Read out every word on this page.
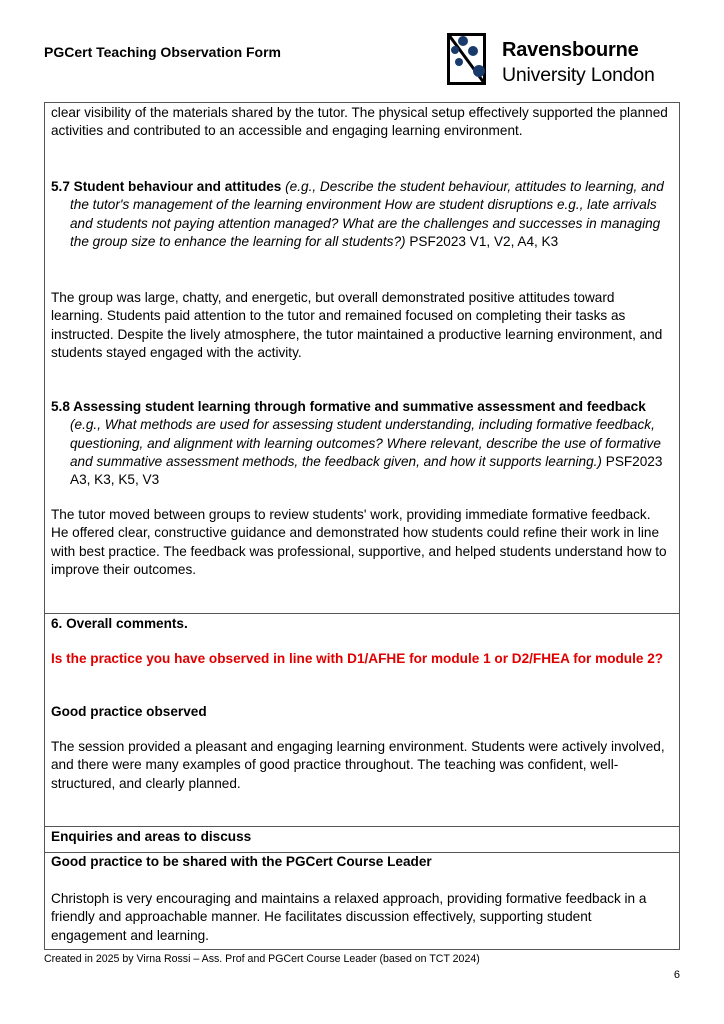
PGCert Teaching Observation Form	Ravensbourne
University London

clear visibility of the materials shared by the tutor. The physical setup effectively supported the planned activities and contributed to an accessible and engaging learning environment.

5.7 Student behaviour and attitudes (e.g., Describe the student behaviour, attitudes to learning, and the tutor's management of the learning environment How are student disruptions e.g., late arrivals and students not paying attention managed? What are the challenges and successes in managing the group size to enhance the learning for all students?) PSF2023 V1, V2, A4, K3

The group was large, chatty, and energetic, but overall demonstrated positive attitudes toward learning. Students paid attention to the tutor and remained focused on completing their tasks as instructed. Despite the lively atmosphere, the tutor maintained a productive learning environment, and students stayed engaged with the activity.

5.8 Assessing student learning through formative and summative assessment and feedback (e.g., What methods are used for assessing student understanding, including formative feedback, questioning, and alignment with learning outcomes? Where relevant, describe the use of formative and summative assessment methods, the feedback given, and how it supports learning.) PSF2023 A3, K3, K5, V3

The tutor moved between groups to review students' work, providing immediate formative feedback. He offered clear, constructive guidance and demonstrated how students could refine their work in line with best practice. The feedback was professional, supportive, and helped students understand how to improve their outcomes.

6. Overall comments.

Is the practice you have observed in line with D1/AFHE for module 1 or D2/FHEA for module 2?

Good practice observed

The session provided a pleasant and engaging learning environment. Students were actively involved, and there were many examples of good practice throughout. The teaching was confident, well-structured, and clearly planned.

Enquiries and areas to discuss

Good practice to be shared with the PGCert Course Leader

Christoph is very encouraging and maintains a relaxed approach, providing formative feedback in a friendly and approachable manner. He facilitates discussion effectively, supporting student engagement and learning.

Created in 2025 by Virna Rossi – Ass. Prof and PGCert Course Leader (based on TCT 2024)
6
